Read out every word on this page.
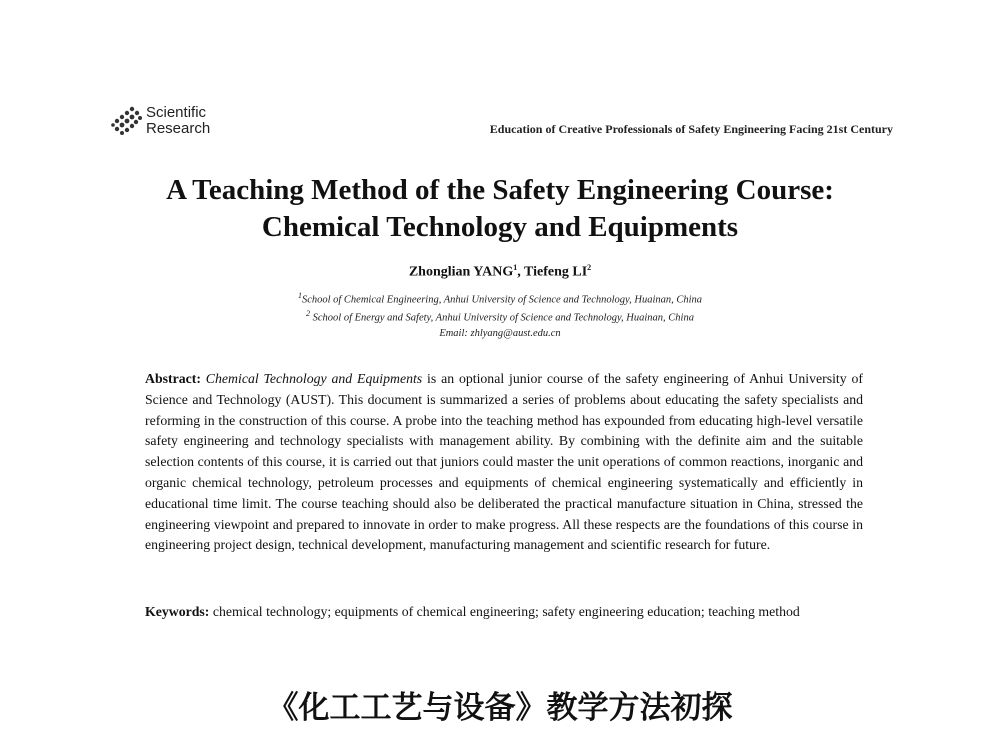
Scientific
Research	Education of Creative Professionals of Safety Engineering Facing 21st Century
A Teaching Method of the Safety Engineering Course:
Chemical Technology and Equipments
Zhonglian YANG$^1$, Tiefeng $LI^2$
$^1$School of Chemical Engineering, Anhui University of Science and Technology, Huainan, China
$^2$ School of Energy and Safety, Anhui University of Science and Technology, Huainan, China
Email: zhlyang@aust.edu.cn
Abstract: Chemical Technology and Equipments is an optional junior course of the safety engineering of Anhui University of Science and Technology (AUST). This document is summarized a series of problems about educating the safety specialists and reforming in the construction of this course. A probe into the teaching method has expounded from educating high-level versatile safety engineering and technology specialists with management ability. By combining with the definite aim and the suitable selection contents of this course, it is carried out that juniors could master the unit operations of common reactions, inorganic and organic chemical technology, petroleum processes and equipments of chemical engineering systematically and efficiently in educational time limit. The course teaching should also be deliberated the practical manufacture situation in China, stressed the engineering viewpoint and prepared to innovate in order to make progress. All these respects are the foundations of this course in engineering project design, technical development, manufacturing management and scientific research for future.
Keywords: chemical technology; equipments of chemical engineering; safety engineering education; teaching method
《化工工艺与设备》教学方法初探
